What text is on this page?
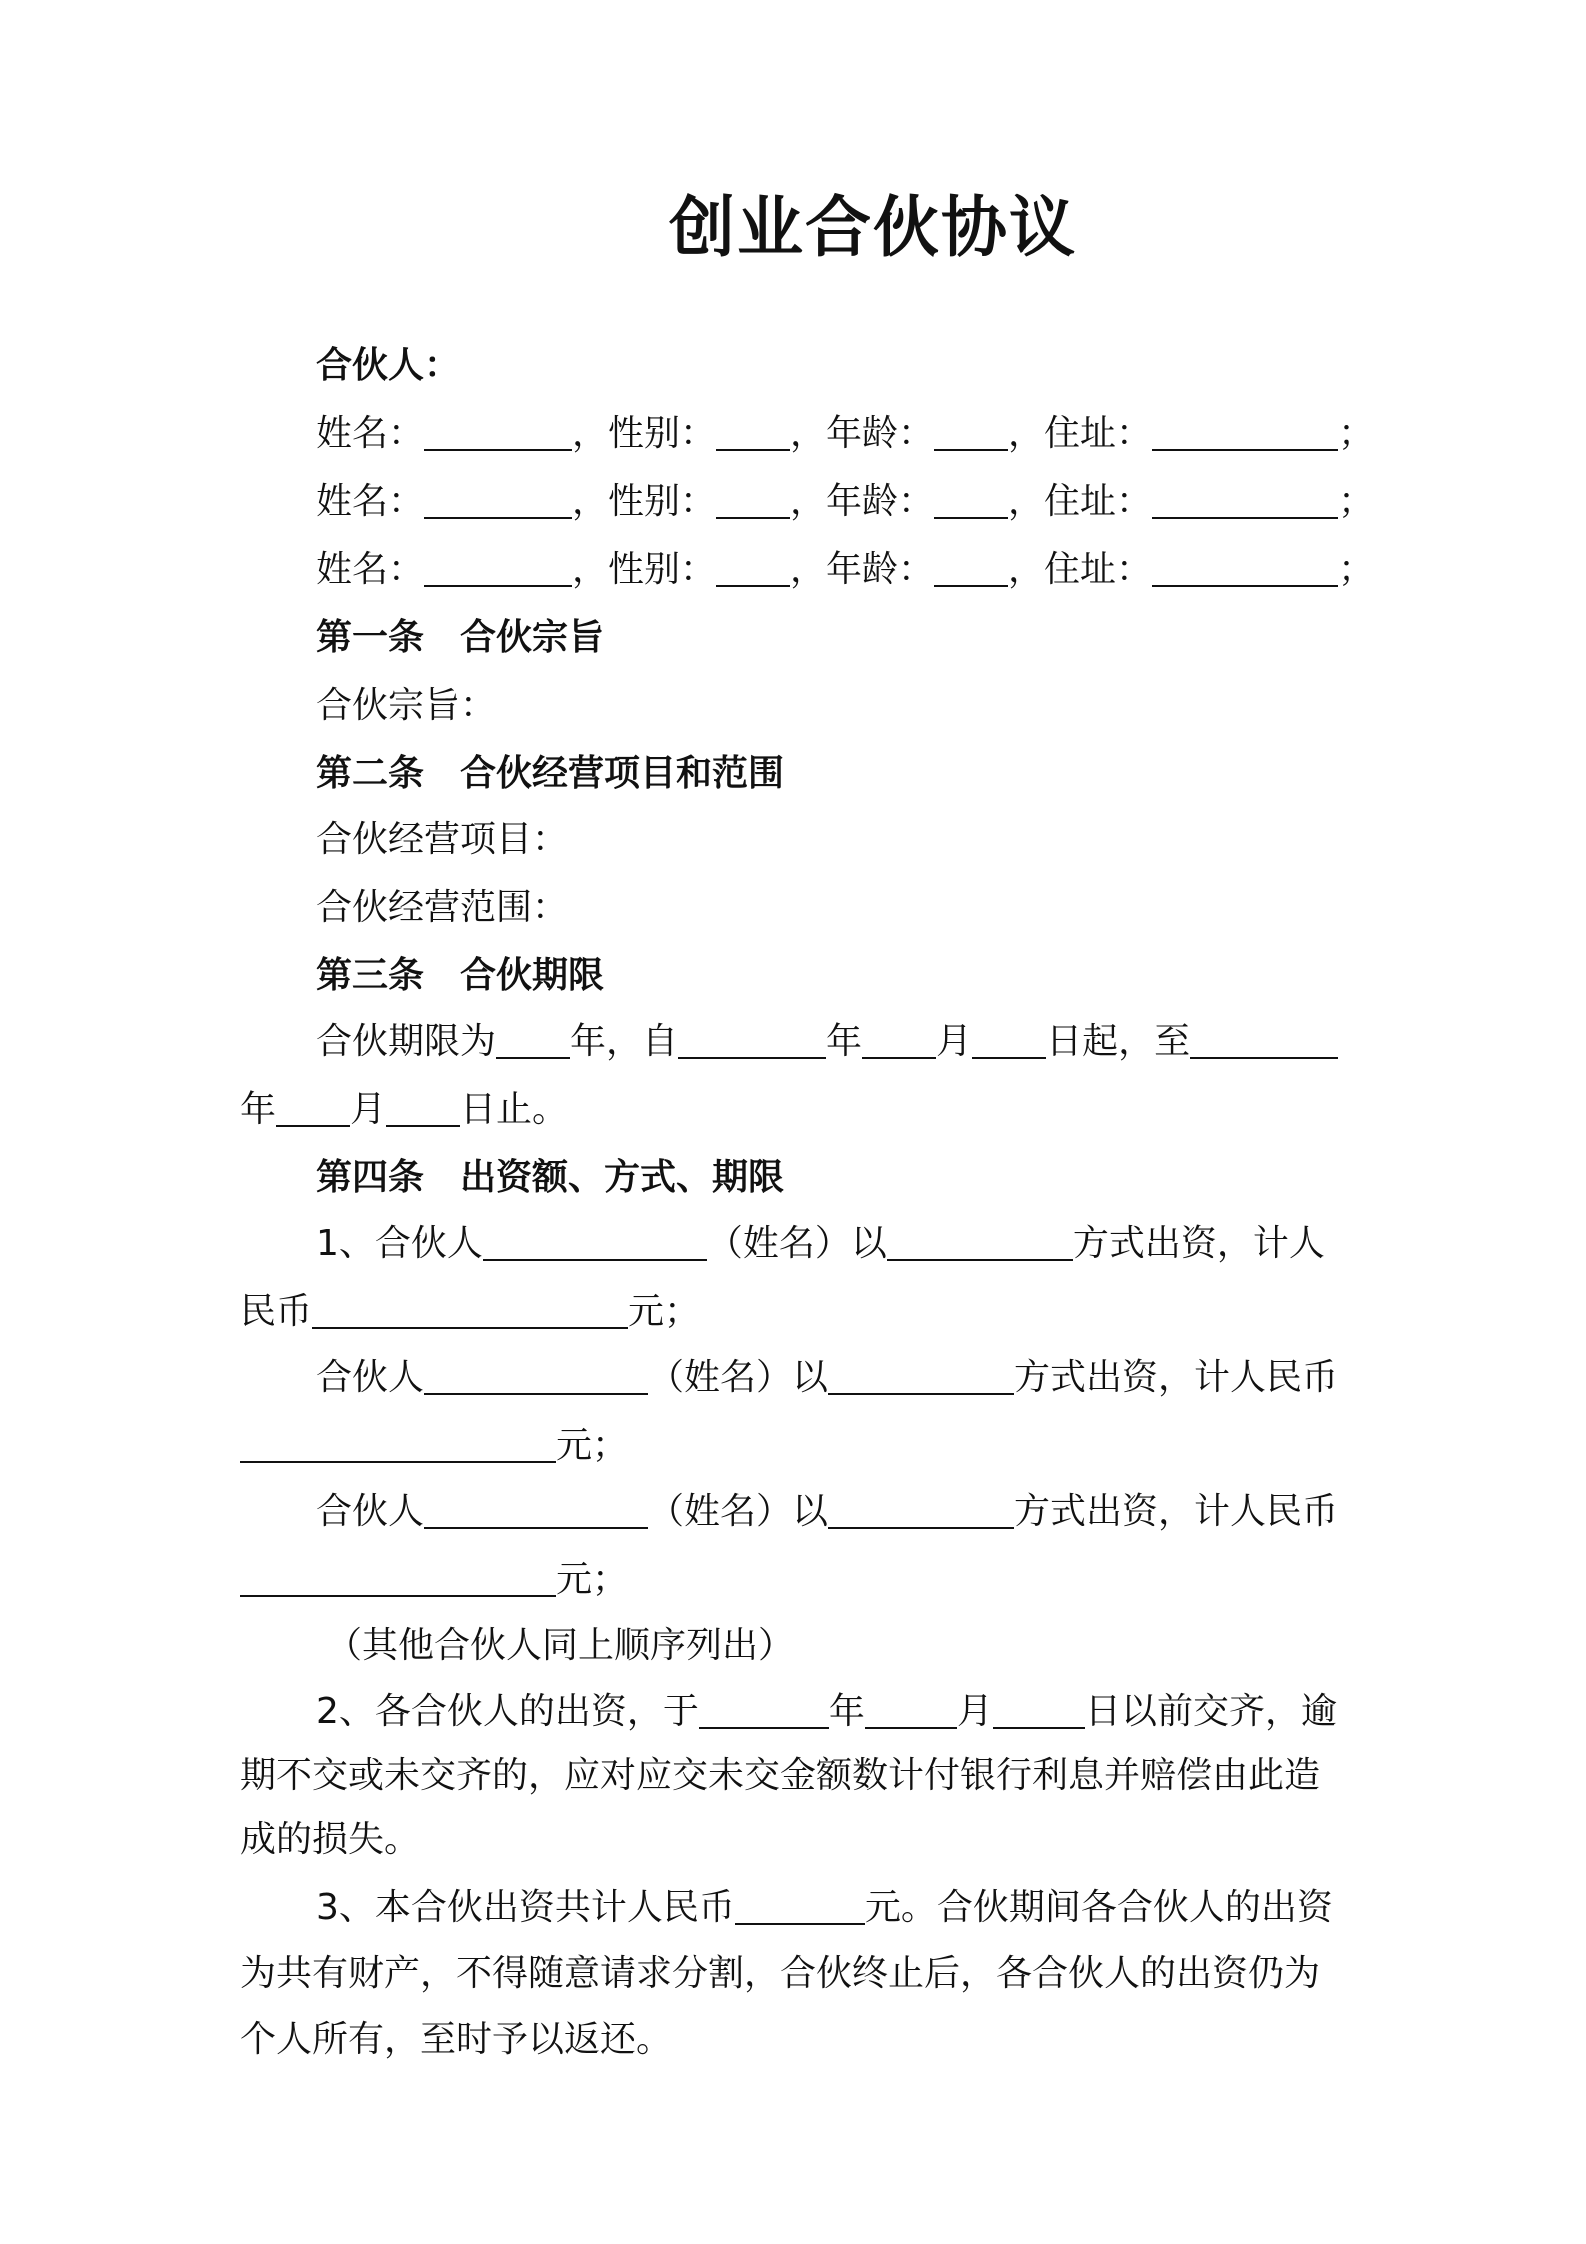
创业合伙协议
合伙人：
姓名：	，性别： ，年龄： ，住址：	；
姓名：	，性别： ，年龄： ，住址：	；
姓名：	，性别： ，年龄： ，住址：	；
第一条 合伙宗旨
合伙宗旨：
第二条 合伙经营项目和范围
合伙经营项目：
合伙经营范围：
第三条 合伙期限
合伙期限为 年，自	年 月 日起，至
年 月 日止。
第四条 出资额、方式、期限
1、合伙人	（姓名）以	方式出资，计人
民币	元；
合伙人	（姓名）以	方式出资，计人民币
元；
合伙人	（姓名）以	方式出资，计人民币
元；
（其他合伙人同上顺序列出）
2、各合伙人的出资，于	年	月	日以前交齐，逾
期不交或未交齐的，应对应交未交金额数计付银行利息并赔偿由此造
成的损失。
3、本合伙出资共计人民币	元。合伙期间各合伙人的出资
为共有财产，不得随意请求分割，合伙终止后，各合伙人的出资仍为
个人所有，至时予以返还。
